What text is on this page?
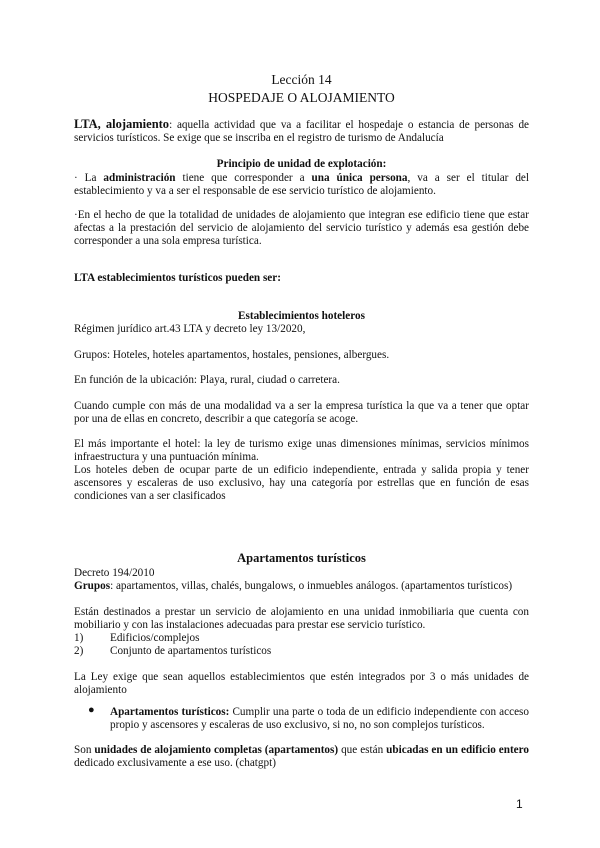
Lección 14

HOSPEDAJE O ALOJAMIENTO

LTA, alojamiento: aquella actividad que va a facilitar el hospedaje o estancia de personas de servicios turísticos. Se exige que se inscriba en el registro de turismo de Andalucía

Principio de unidad de explotación:

· La administración tiene que corresponder a una única persona, va a ser el titular del establecimiento y va a ser el responsable de ese servicio turístico de alojamiento.

·En el hecho de que la totalidad de unidades de alojamiento que integran ese edificio tiene que estar afectas a la prestación del servicio de alojamiento del servicio turístico y además esa gestión debe corresponder a una sola empresa turística.

LTA establecimientos turísticos pueden ser:

Establecimientos hoteleros

Régimen jurídico art.43 LTA y decreto ley 13/2020,

Grupos: Hoteles, hoteles apartamentos, hostales, pensiones, albergues.

En función de la ubicación: Playa, rural, ciudad o carretera.

Cuando cumple con más de una modalidad va a ser la empresa turística la que va a tener que optar por una de ellas en concreto, describir a que categoría se acoge.

El más importante el hotel: la ley de turismo exige unas dimensiones mínimas, servicios mínimos infraestructura y una puntuación mínima.

Los hoteles deben de ocupar parte de un edificio independiente, entrada y salida propia y tener ascensores y escaleras de uso exclusivo, hay una categoría por estrellas que en función de esas condiciones van a ser clasificados

Apartamentos turísticos

Decreto 194/2010

Grupos: apartamentos, villas, chalés, bungalows, o inmuebles análogos. (apartamentos turísticos)

Están destinados a prestar un servicio de alojamiento en una unidad inmobiliaria que cuenta con mobiliario y con las instalaciones adecuadas para prestar ese servicio turístico.

1) Edificios/complejos
2) Conjunto de apartamentos turísticos

La Ley exige que sean aquellos establecimientos que estén integrados por 3 o más unidades de alojamiento

● Apartamentos turísticos: Cumplir una parte o toda de un edificio independiente con acceso propio y ascensores y escaleras de uso exclusivo, si no, no son complejos turísticos.

Son unidades de alojamiento completas (apartamentos) que están ubicadas en un edificio entero dedicado exclusivamente a ese uso. (chatgpt)

1
